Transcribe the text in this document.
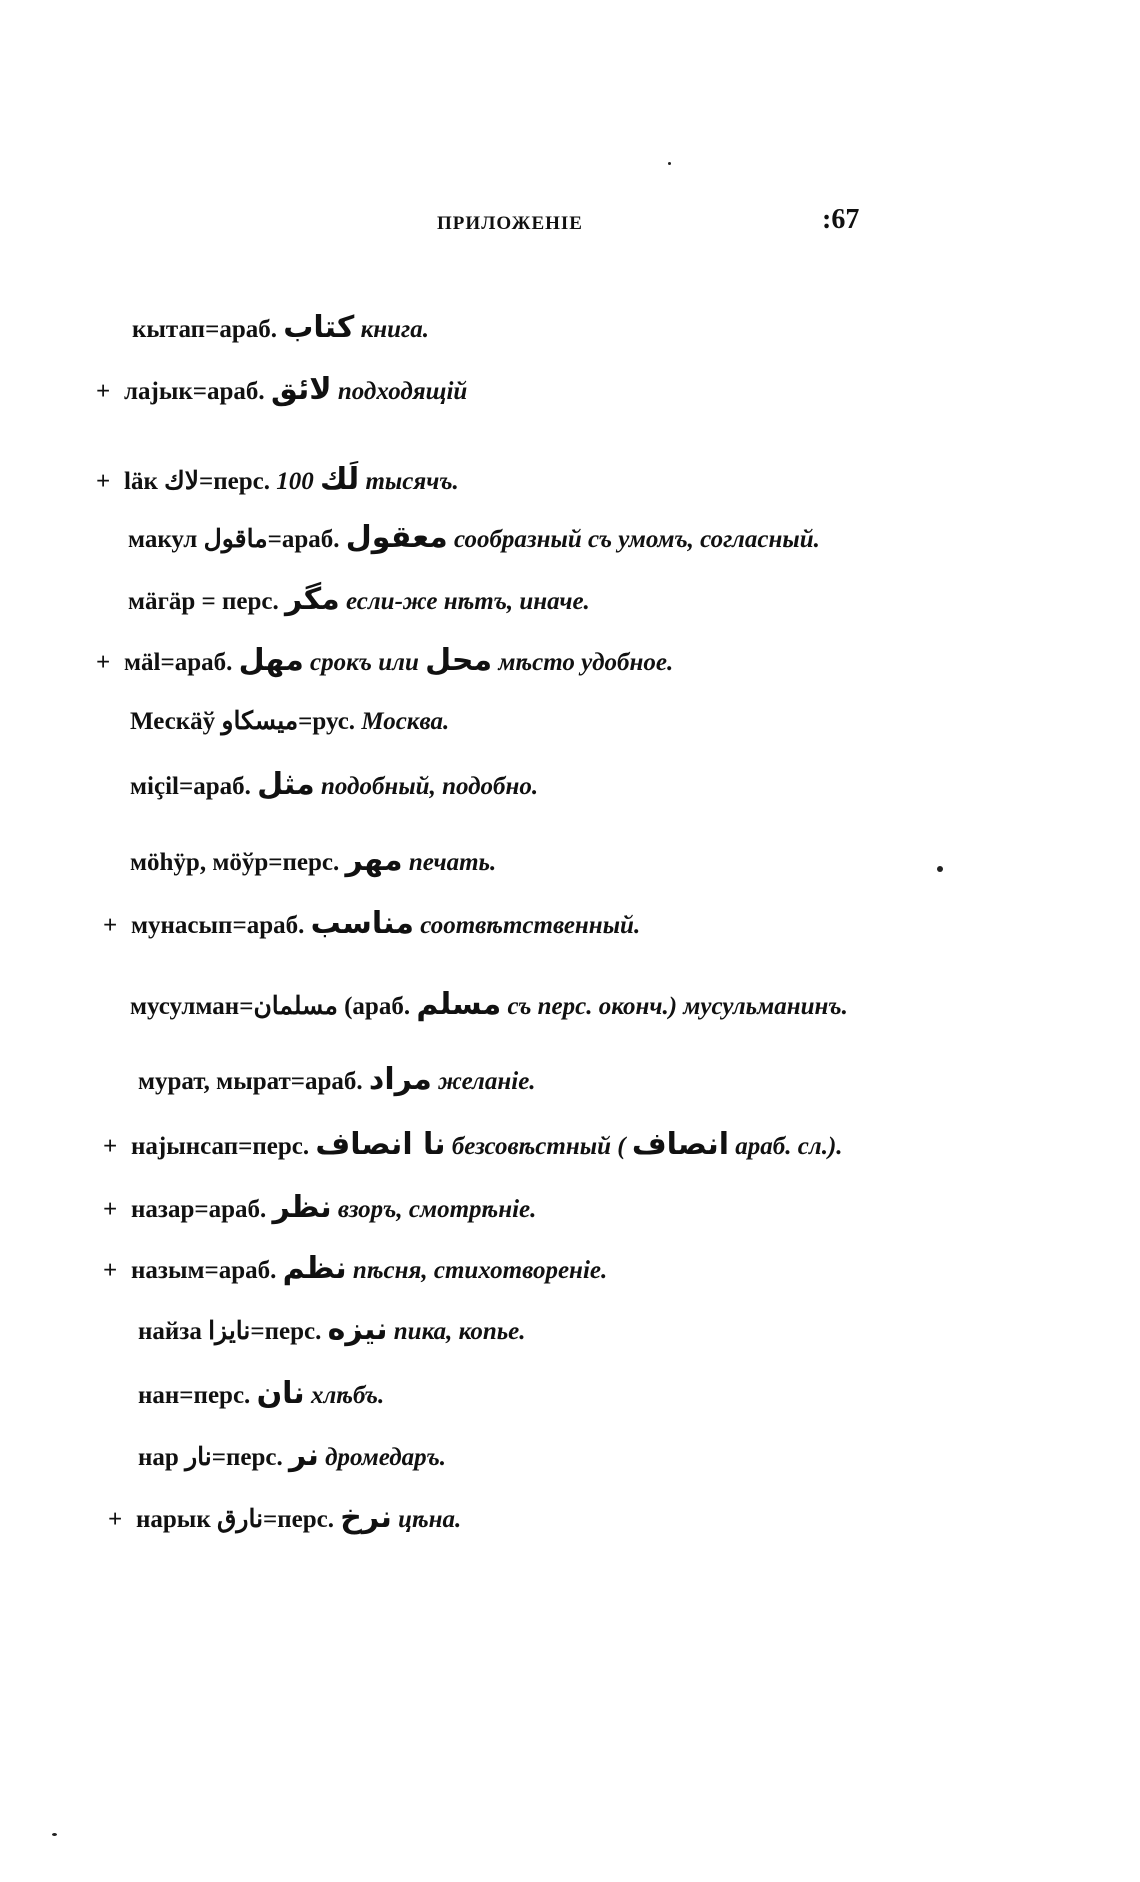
ПРИЛОЖЕНІЕ	:67
кытап=араб. كتاب книга.
+ лајык=араб. لائق подходящій
+ läк لاك=перс. لَك 100 тысячъ.
макул ماقول=араб. معقول сообразный съ умомъ, согласный.
мäгäр = перс. مگر если-же нѣтъ, иначе.
+ мäl=араб. مهل срокъ или محل мѣсто удобное.
Мескäў میسکاو=рус. Москва.
міçіl=араб. مثل подобный, подобно.
мöhÿр, мöўр=перс. مهر печать.
+ мунасып=араб. مناسب соотвѣтственный.
мусулман=مسلمان (араб. مسلم съ перс. оконч.) мусульманинъ.
мурат, мырат=араб. مراد желаніе.
+ најынсап=перс. نا انصاف безсовѣстный ( انصاف араб. сл.).
+ назар=араб. نظر взоръ, смотрѣніе.
+ назым=араб. نظم пѣсня, стихотвореніе.
найза نایزا=перс. نیزه пика, копье.
нан=перс. نان хлѣбъ.
нар نار=перс. نر дромедаръ.
+ нарык نارق=перс. نرخ цѣна.
